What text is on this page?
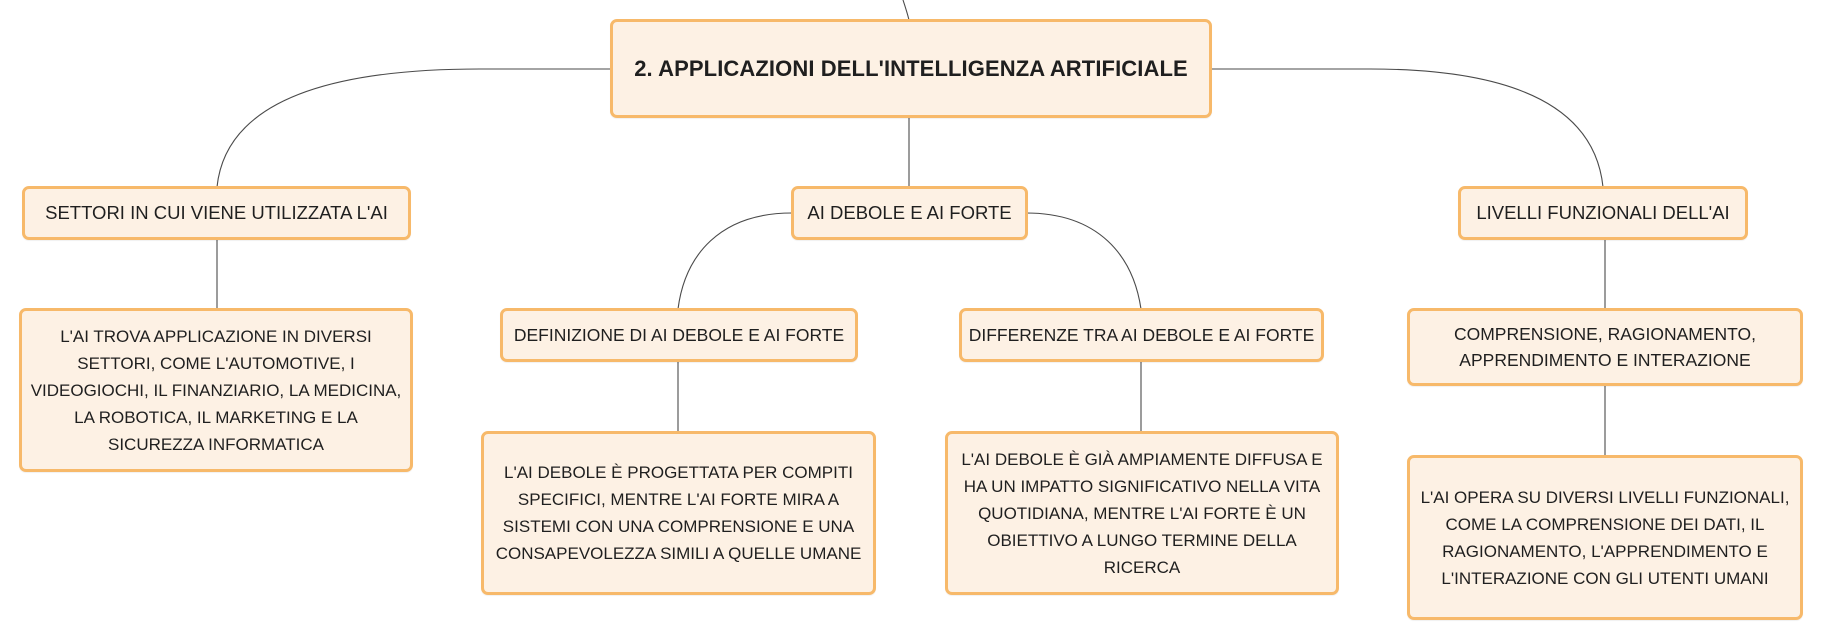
2. APPLICAZIONI DELL'INTELLIGENZA ARTIFICIALE
SETTORI IN CUI VIENE UTILIZZATA L'AI	AI DEBOLE E AI FORTE	LIVELLI FUNZIONALI DELL'AI
L'AI TROVA APPLICAZIONE IN DIVERSI SETTORI, COME L'AUTOMOTIVE, I VIDEOGIOCHI, IL FINANZIARIO, LA MEDICINA, LA ROBOTICA, IL MARKETING E LA SICUREZZA INFORMATICA
DEFINIZIONE DI AI DEBOLE E AI FORTE	DIFFERENZE TRA AI DEBOLE E AI FORTE
L'AI DEBOLE È PROGETTATA PER COMPITI SPECIFICI, MENTRE L'AI FORTE MIRA A SISTEMI CON UNA COMPRENSIONE E UNA CONSAPEVOLEZZA SIMILI A QUELLE UMANE
L'AI DEBOLE È GIÀ AMPIAMENTE DIFFUSA E HA UN IMPATTO SIGNIFICATIVO NELLA VITA QUOTIDIANA, MENTRE L'AI FORTE È UN OBIETTIVO A LUNGO TERMINE DELLA RICERCA
COMPRENSIONE, RAGIONAMENTO, APPRENDIMENTO E INTERAZIONE
L'AI OPERA SU DIVERSI LIVELLI FUNZIONALI, COME LA COMPRENSIONE DEI DATI, IL RAGIONAMENTO, L'APPRENDIMENTO E L'INTERAZIONE CON GLI UTENTI UMANI
